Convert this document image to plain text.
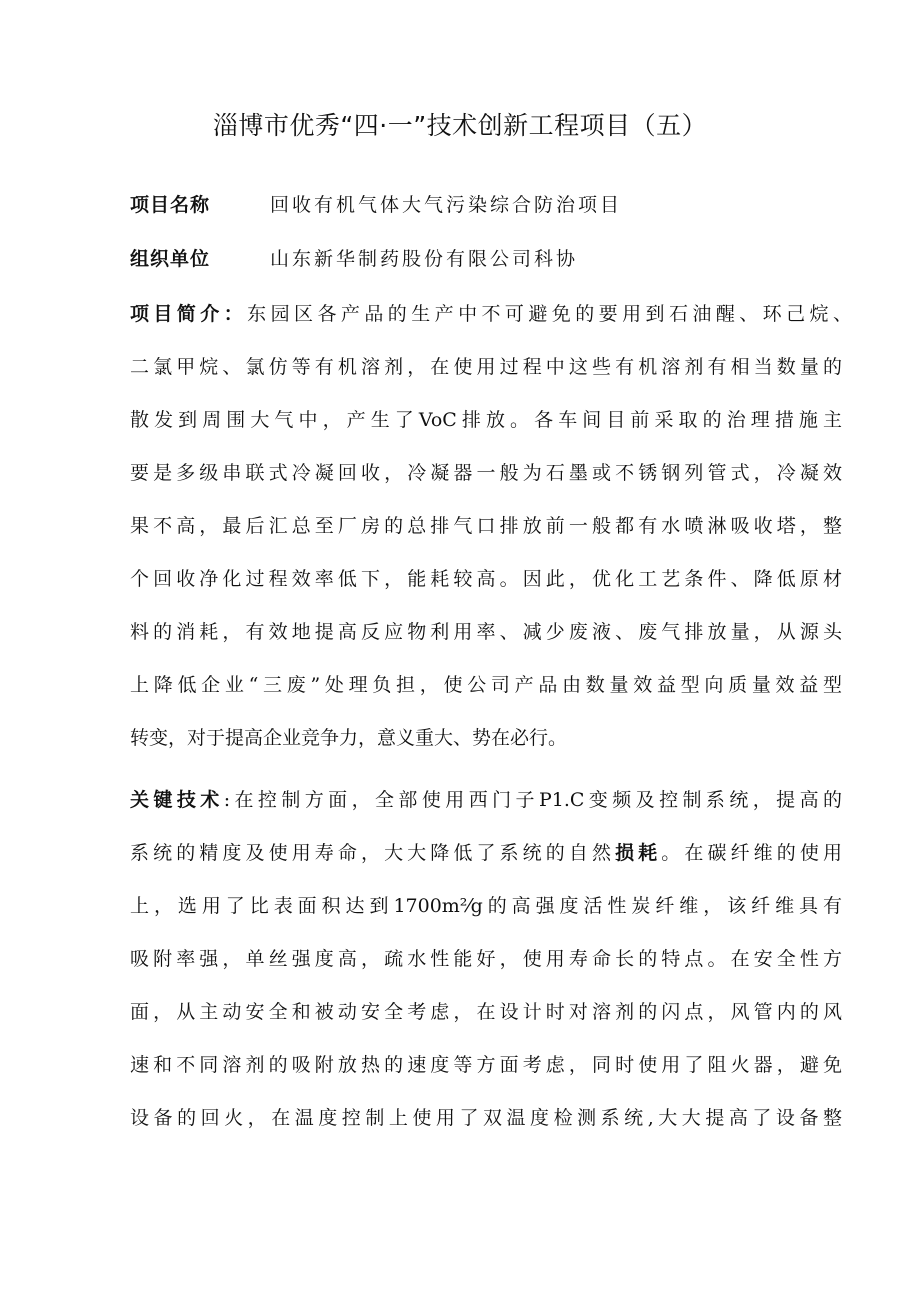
淄博市优秀“四·一”技术创新工程项目（五）
项目名称	回收有机气体大气污染综合防治项目
组织单位	山东新华制药股份有限公司科协
项目简介：东园区各产品的生产中不可避免的要用到石油醒、环己烷、
二氯甲烷、氯仿等有机溶剂，在使用过程中这些有机溶剂有相当数量的
散发到周围大气中，产生了VoC排放。各车间目前采取的治理措施主
要是多级串联式冷凝回收，冷凝器一般为石墨或不锈钢列管式，冷凝效
果不高，最后汇总至厂房的总排气口排放前一般都有水喷淋吸收塔，整
个回收净化过程效率低下，能耗较高。因此，优化工艺条件、降低原材
料的消耗，有效地提高反应物利用率、减少废液、废气排放量，从源头
上降低企业“三废”处理负担，使公司产品由数量效益型向质量效益型
转变，对于提高企业竞争力，意义重大、势在必行。
关键技术:在控制方面，全部使用西门子P1.C变频及控制系统，提高的
系统的精度及使用寿命，大大降低了系统的自然损耗。在碳纤维的使用
上，选用了比表面积达到1700m²⁄g的高强度活性炭纤维，该纤维具有
吸附率强，单丝强度高，疏水性能好，使用寿命长的特点。在安全性方
面，从主动安全和被动安全考虑，在设计时对溶剂的闪点，风管内的风
速和不同溶剂的吸附放热的速度等方面考虑，同时使用了阻火器，避免
设备的回火，在温度控制上使用了双温度检测系统,大大提高了设备整
